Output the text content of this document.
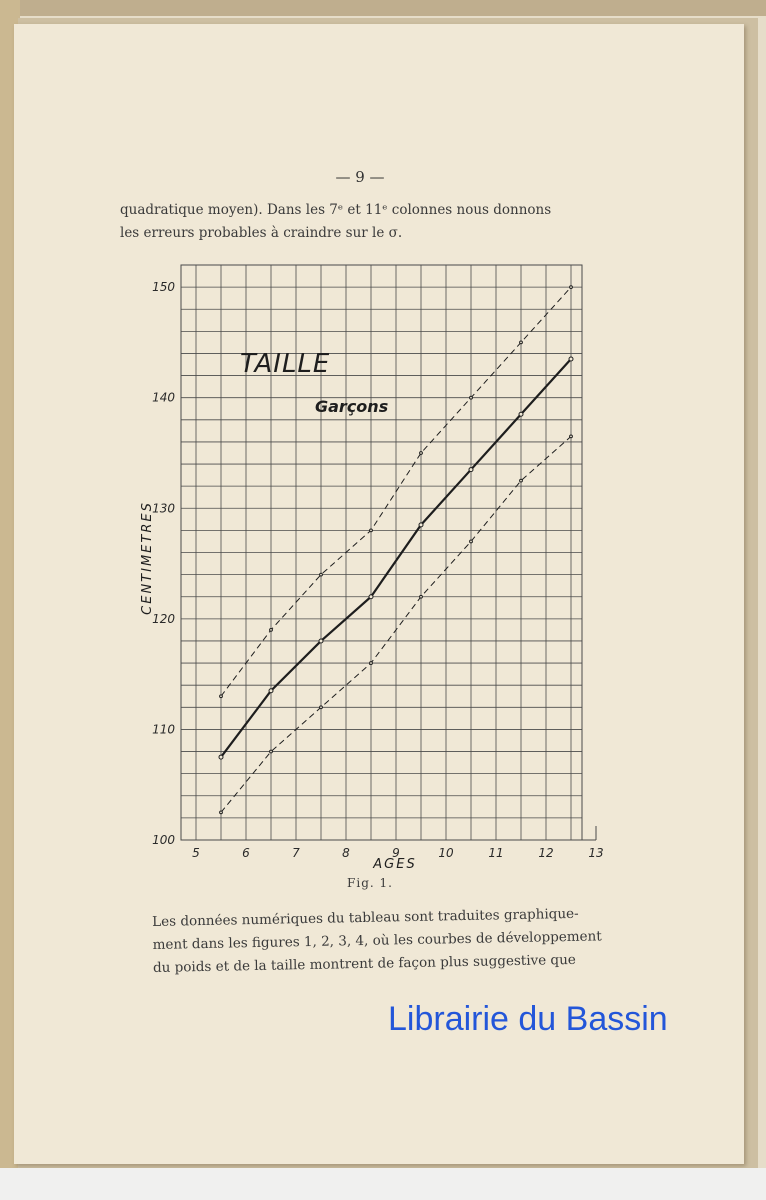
— 9 —
quadratique moyen). Dans les 7ᵉ et 11ᵉ colonnes nous donnons
les erreurs probables à craindre sur le σ.
5	6	7	8	9	10	11	12	13
100
110
120
130
140
150
TAILLE
Garçons
AGES
CENTIMETRES
Fig. 1.
Les données numériques du tableau sont traduites graphique-
ment dans les figures 1, 2, 3, 4, où les courbes de développement
du poids et de la taille montrent de façon plus suggestive que
Librairie du Bassin
